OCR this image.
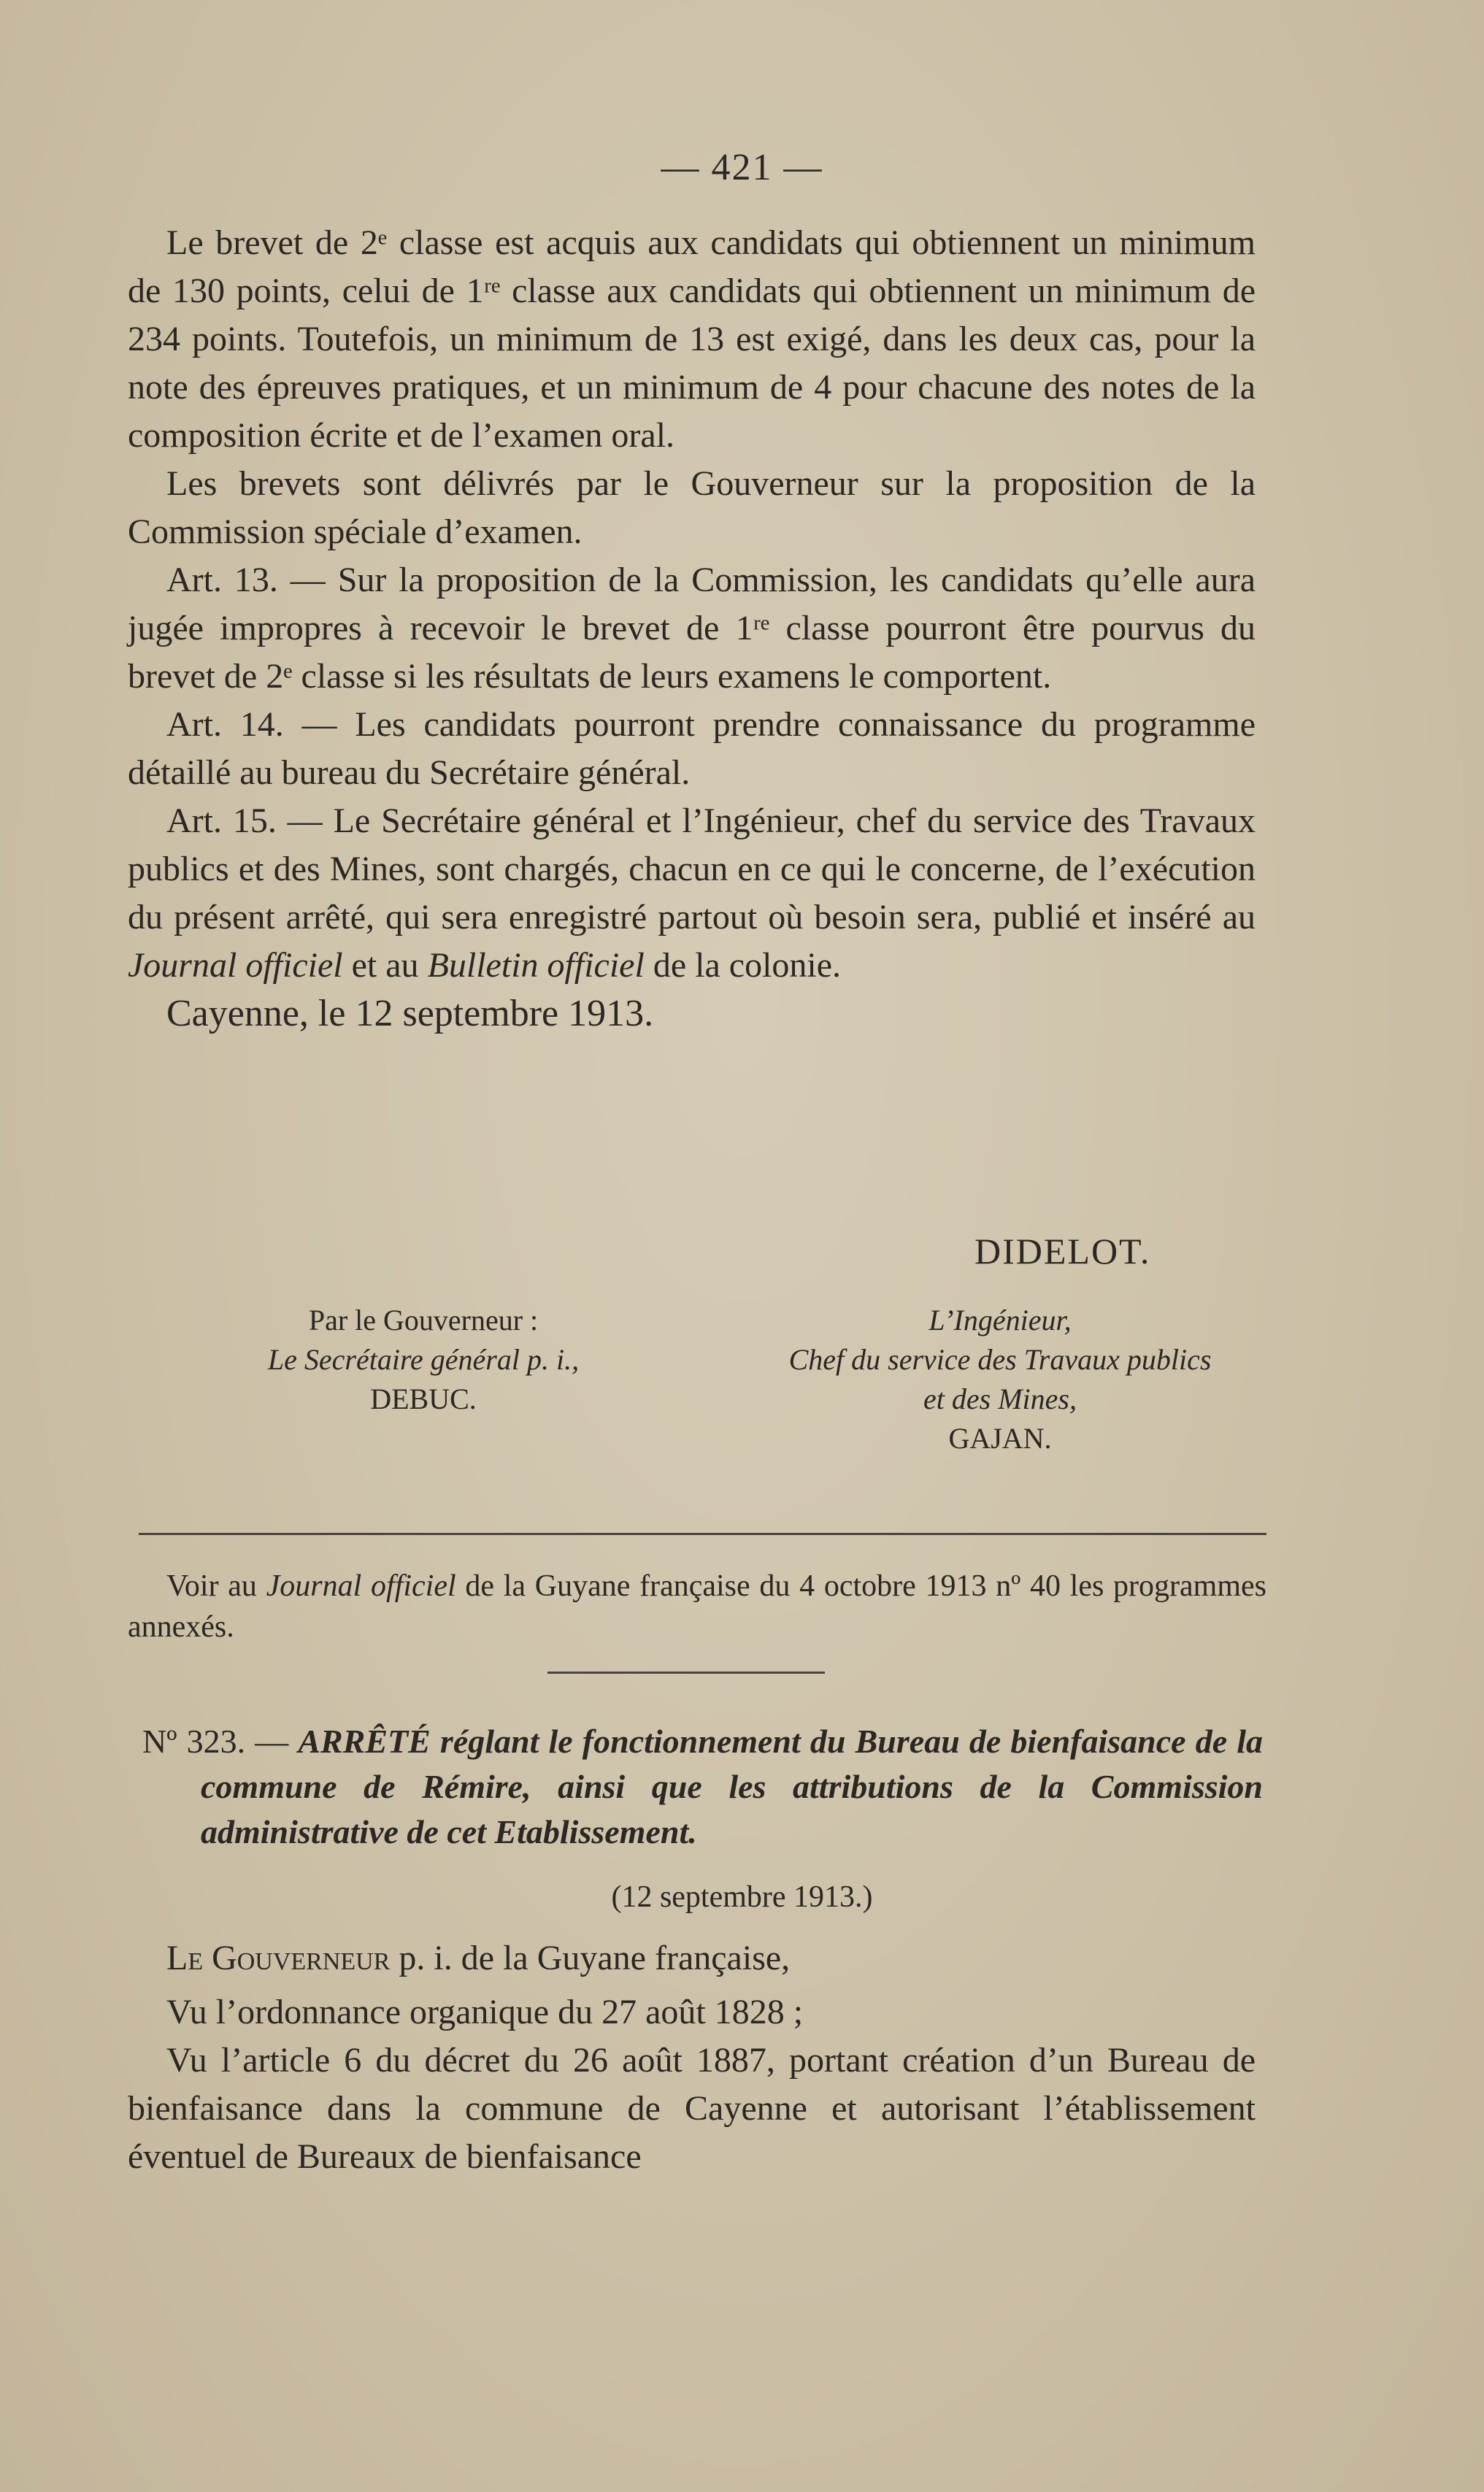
— 421 —

Le brevet de 2ᵉ classe est acquis aux candidats qui obtiennent un minimum de 130 points, celui de 1ʳᵉ classe aux candidats qui obtiennent un minimum de 234 points. Toutefois, un minimum de 13 est exigé, dans les deux cas, pour la note des épreuves pratiques, et un minimum de 4 pour chacune des notes de la composition écrite et de l’examen oral.

Les brevets sont délivrés par le Gouverneur sur la proposition de la Commission spéciale d’examen.

Art. 13. — Sur la proposition de la Commission, les candidats qu’elle aura jugée impropres à recevoir le brevet de 1ʳᵉ classe pourront être pourvus du brevet de 2ᵉ classe si les résultats de leurs examens le comportent.

Art. 14. — Les candidats pourront prendre connaissance du programme détaillé au bureau du Secrétaire général.

Art. 15. — Le Secrétaire général et l’Ingénieur, chef du service des Travaux publics et des Mines, sont chargés, chacun en ce qui le concerne, de l’exécution du présent arrêté, qui sera enregistré partout où besoin sera, publié et inséré au Journal officiel et au Bulletin officiel de la colonie.

Cayenne, le 12 septembre 1913.

DIDELOT.
Par le Gouverneur :
Le Secrétaire général p. i.,
DEBUC.
L’Ingénieur,
Chef du service des Travaux publics
et des Mines,
GAJAN.

Voir au Journal officiel de la Guyane française du 4 octobre 1913 nº 40 les programmes annexés.

Nº 323. — ARRÊTÉ réglant le fonctionnement du Bureau de bienfaisance de la commune de Rémire, ainsi que les attributions de la Commission administrative de cet Etablissement.

(12 septembre 1913.)

Le Gouverneur p. i. de la Guyane française,

Vu l’ordonnance organique du 27 août 1828 ;

Vu l’article 6 du décret du 26 août 1887, portant création d’un Bureau de bienfaisance dans la commune de Cayenne et autorisant l’établissement éventuel de Bureaux de bienfaisance
